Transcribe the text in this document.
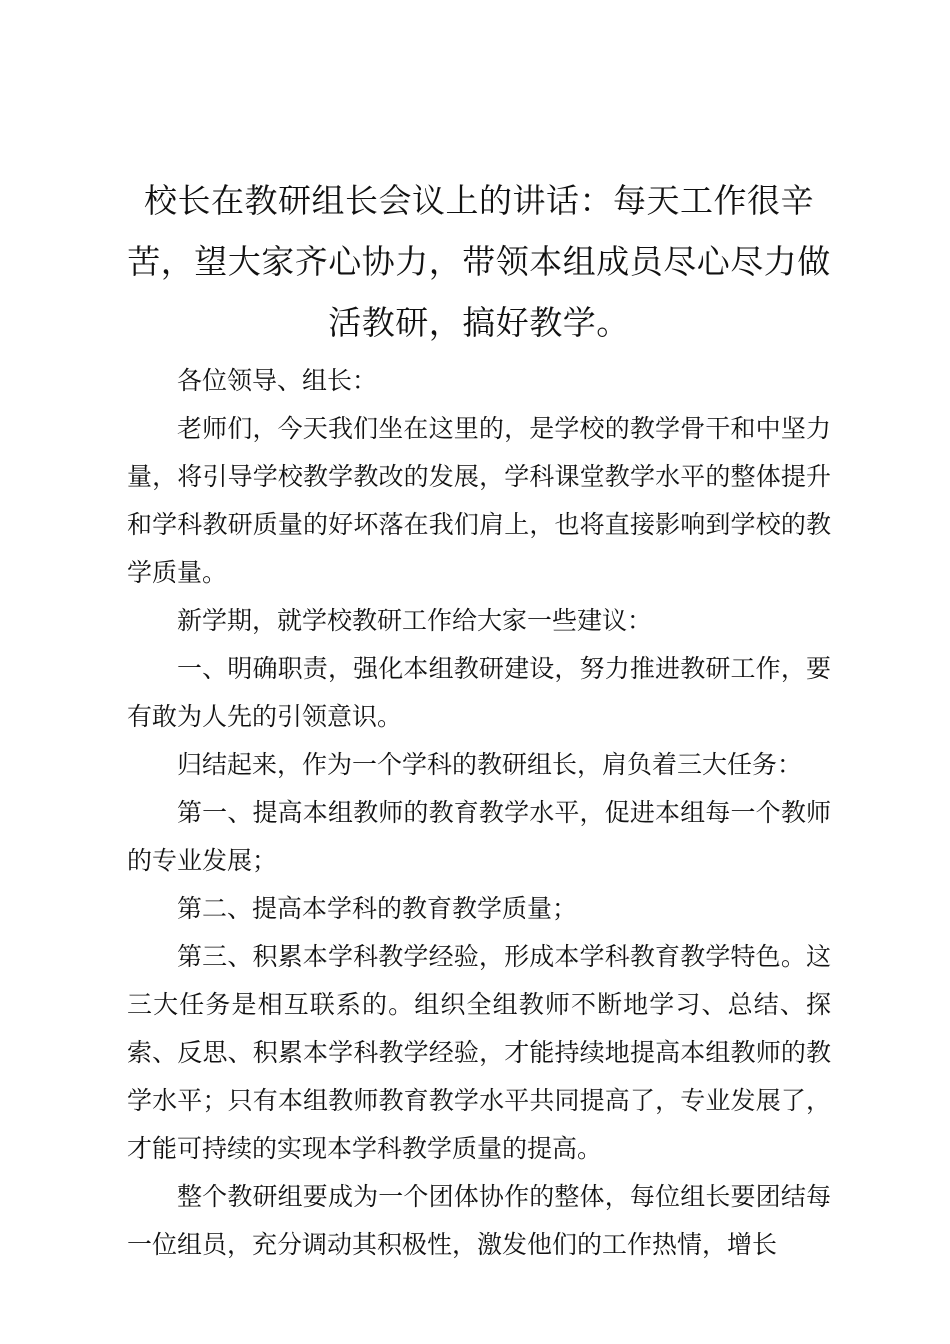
校长在教研组长会议上的讲话：每天工作很辛苦，望大家齐心协力，带领本组成员尽心尽力做活教研，搞好教学。

各位领导、组长：

老师们，今天我们坐在这里的，是学校的教学骨干和中坚力量，将引导学校教学教改的发展，学科课堂教学水平的整体提升和学科教研质量的好坏落在我们肩上，也将直接影响到学校的教学质量。

新学期，就学校教研工作给大家一些建议：

一、明确职责，强化本组教研建设，努力推进教研工作，要有敢为人先的引领意识。

归结起来，作为一个学科的教研组长，肩负着三大任务：

第一、提高本组教师的教育教学水平，促进本组每一个教师的专业发展；

第二、提高本学科的教育教学质量；

第三、积累本学科教学经验，形成本学科教育教学特色。这三大任务是相互联系的。组织全组教师不断地学习、总结、探索、反思、积累本学科教学经验，才能持续地提高本组教师的教学水平；只有本组教师教育教学水平共同提高了，专业发展了，才能可持续的实现本学科教学质量的提高。

整个教研组要成为一个团体协作的整体，每位组长要团结每一位组员，充分调动其积极性，激发他们的工作热情，增长
